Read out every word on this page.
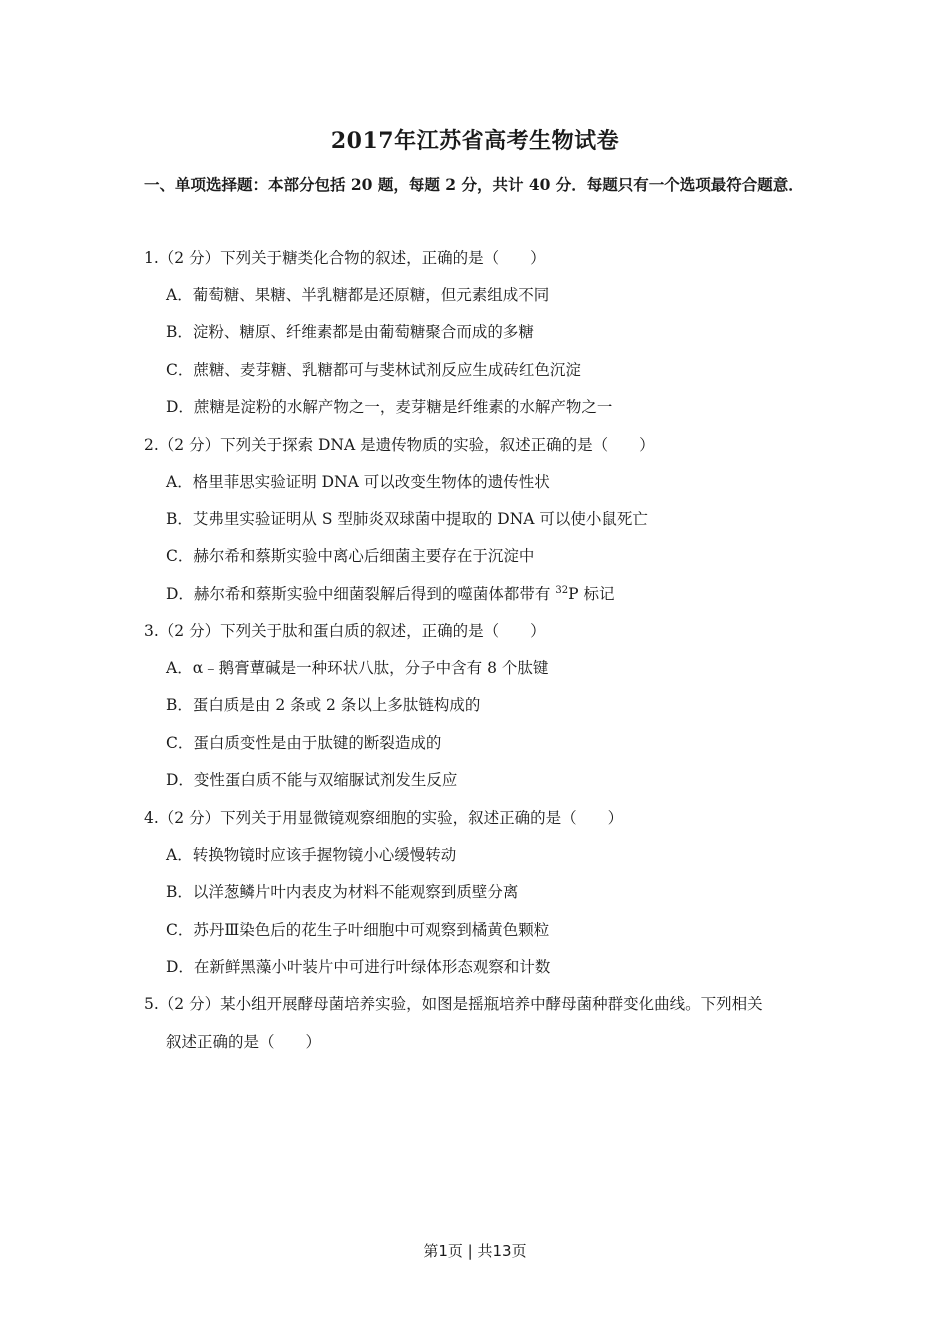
2017年江苏省高考生物试卷
一、单项选择题：本部分包括 20 题，每题 2 分，共计 40 分．每题只有一个选项最符合题意．
1.（2 分）下列关于糖类化合物的叙述，正确的是（　　）
A．葡萄糖、果糖、半乳糖都是还原糖，但元素组成不同
B．淀粉、糖原、纤维素都是由葡萄糖聚合而成的多糖
C．蔗糖、麦芽糖、乳糖都可与斐林试剂反应生成砖红色沉淀
D．蔗糖是淀粉的水解产物之一，麦芽糖是纤维素的水解产物之一
2.（2 分）下列关于探索 DNA 是遗传物质的实验，叙述正确的是（　　）
A．格里菲思实验证明 DNA 可以改变生物体的遗传性状
B．艾弗里实验证明从 S 型肺炎双球菌中提取的 DNA 可以使小鼠死亡
C．赫尔希和蔡斯实验中离心后细菌主要存在于沉淀中
D．赫尔希和蔡斯实验中细菌裂解后得到的噬菌体都带有 $^{32}$P 标记
3.（2 分）下列关于肽和蛋白质的叙述，正确的是（　　）
A．α﹣鹅膏蕈碱是一种环状八肽，分子中含有 8 个肽键
B．蛋白质是由 2 条或 2 条以上多肽链构成的
C．蛋白质变性是由于肽键的断裂造成的
D．变性蛋白质不能与双缩脲试剂发生反应
4.（2 分）下列关于用显微镜观察细胞的实验，叙述正确的是（　　）
A．转换物镜时应该手握物镜小心缓慢转动
B．以洋葱鳞片叶内表皮为材料不能观察到质壁分离
C．苏丹Ⅲ染色后的花生子叶细胞中可观察到橘黄色颗粒
D．在新鲜黑藻小叶装片中可进行叶绿体形态观察和计数
5.（2 分）某小组开展酵母菌培养实验，如图是摇瓶培养中酵母菌种群变化曲线。下列相关
叙述正确的是（　　）
第1页 | 共13页
